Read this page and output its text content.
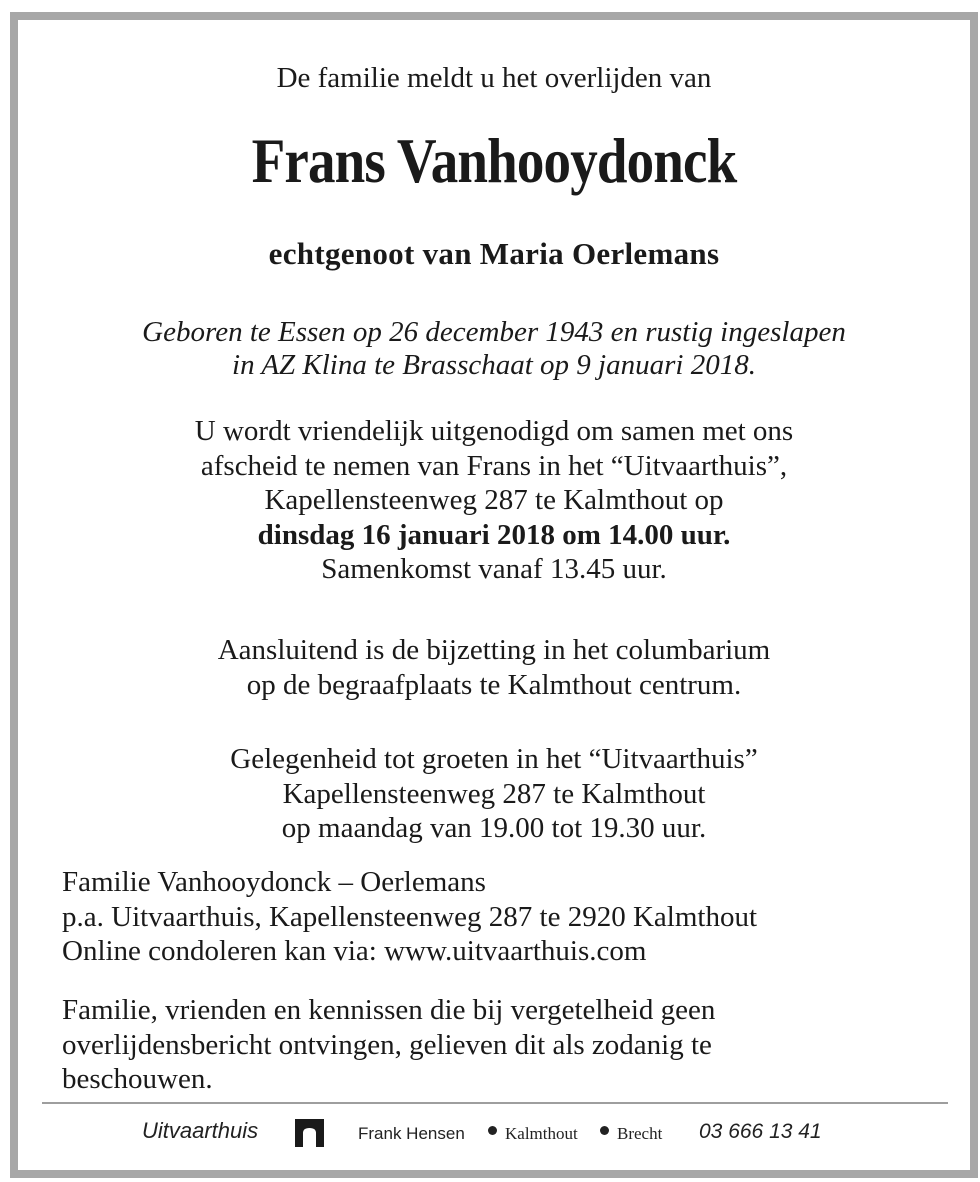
De familie meldt u het overlijden van
Frans Vanhooydonck
echtgenoot van Maria Oerlemans
Geboren te Essen op 26 december 1943 en rustig ingeslapen
in AZ Klina te Brasschaat op 9 januari 2018.
U wordt vriendelijk uitgenodigd om samen met ons
afscheid te nemen van Frans in het “Uitvaarthuis”,
Kapellensteenweg 287 te Kalmthout op
dinsdag 16 januari 2018 om 14.00 uur.
Samenkomst vanaf 13.45 uur.
Aansluitend is de bijzetting in het columbarium
op de begraafplaats te Kalmthout centrum.
Gelegenheid tot groeten in het “Uitvaarthuis”
Kapellensteenweg 287 te Kalmthout
op maandag van 19.00 tot 19.30 uur.
Familie Vanhooydonck – Oerlemans
p.a. Uitvaarthuis, Kapellensteenweg 287 te 2920 Kalmthout
Online condoleren kan via: www.uitvaarthuis.com
Familie, vrienden en kennissen die bij vergetelheid geen
overlijdensbericht ontvingen, gelieven dit als zodanig te
beschouwen.
Uitvaarthuis	Frank Hensen Kalmthout Brecht 03 666 13 41
